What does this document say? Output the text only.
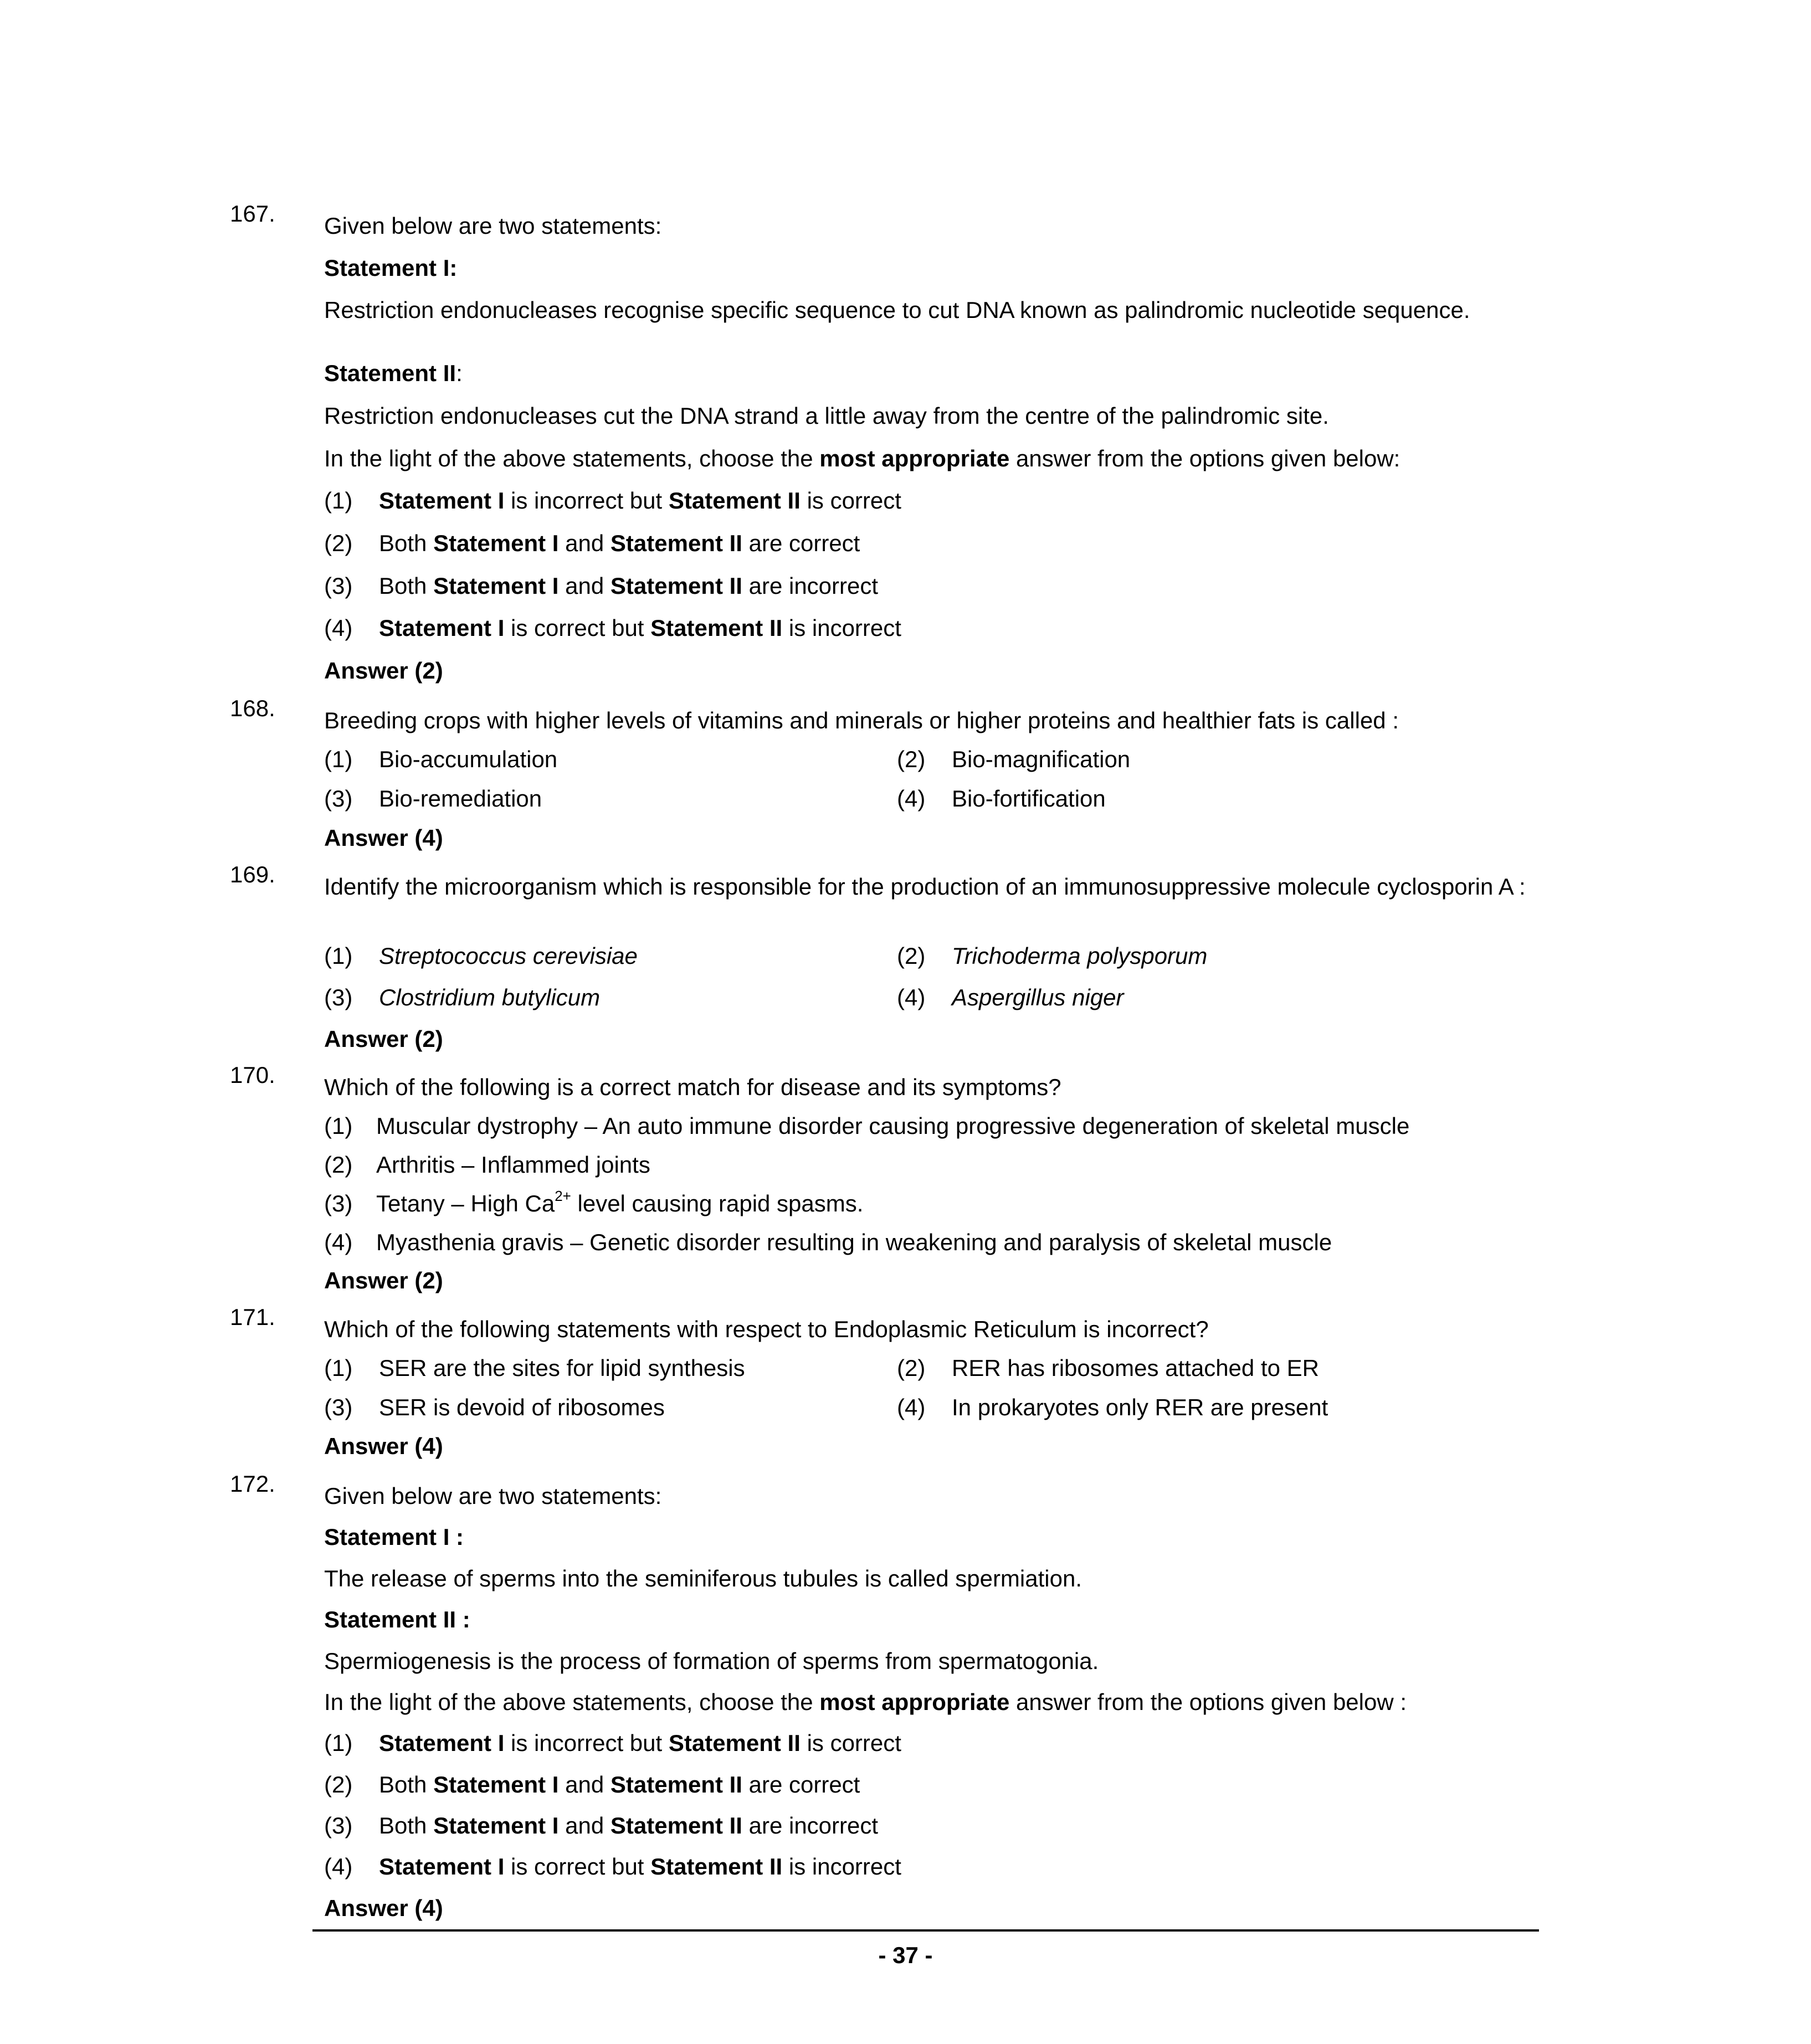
167. Given below are two statements:
Statement I:
Restriction endonucleases recognise specific sequence to cut DNA known as palindromic nucleotide sequence.
Statement II:
Restriction endonucleases cut the DNA strand a little away from the centre of the palindromic site.
In the light of the above statements, choose the most appropriate answer from the options given below:
(1) Statement I is incorrect but Statement II is correct
(2) Both Statement I and Statement II are correct
(3) Both Statement I and Statement II are incorrect
(4) Statement I is correct but Statement II is incorrect
Answer (2)
168. Breeding crops with higher levels of vitamins and minerals or higher proteins and healthier fats is called :
(1) Bio-accumulation	(2) Bio-magnification
(3) Bio-remediation	(4) Bio-fortification
Answer (4)
169. Identify the microorganism which is responsible for the production of an immunosuppressive molecule cyclosporin A :
(1) Streptococcus cerevisiae	(2) Trichoderma polysporum
(3) Clostridium butylicum	(4) Aspergillus niger
Answer (2)
170. Which of the following is a correct match for disease and its symptoms?
(1) Muscular dystrophy – An auto immune disorder causing progressive degeneration of skeletal muscle
(2) Arthritis – Inflammed joints
(3) Tetany – High $Ca^{2+}$ level causing rapid spasms.
(4) Myasthenia gravis – Genetic disorder resulting in weakening and paralysis of skeletal muscle
Answer (2)
171. Which of the following statements with respect to Endoplasmic Reticulum is incorrect?
(1) SER are the sites for lipid synthesis	(2) RER has ribosomes attached to ER
(3) SER is devoid of ribosomes	(4) In prokaryotes only RER are present
Answer (4)
172. Given below are two statements:
Statement I :
The release of sperms into the seminiferous tubules is called spermiation.
Statement II :
Spermiogenesis is the process of formation of sperms from spermatogonia.
In the light of the above statements, choose the most appropriate answer from the options given below :
(1) Statement I is incorrect but Statement II is correct
(2) Both Statement I and Statement II are correct
(3) Both Statement I and Statement II are incorrect
(4) Statement I is correct but Statement II is incorrect
Answer (4)
- 37 -
